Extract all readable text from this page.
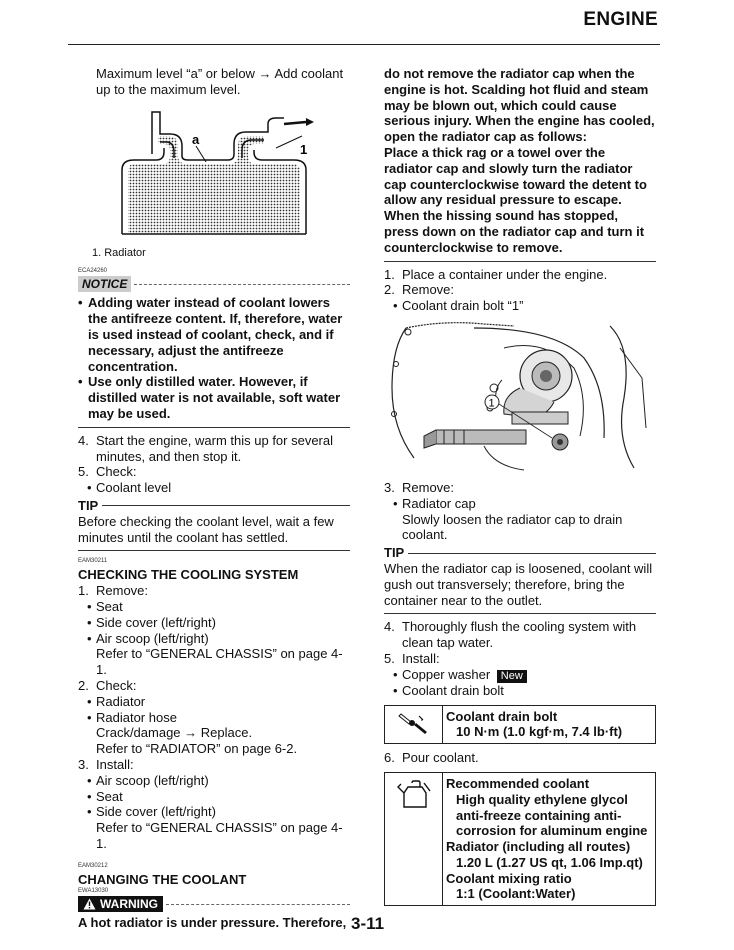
ENGINE

Maximum level “a” or below → Add coolant up to the maximum level.

a
1

1. Radiator

ECA24260
NOTICE

• Adding water instead of coolant lowers the antifreeze content. If, therefore, water is used instead of coolant, check, and if necessary, adjust the antifreeze concentration.

• Use only distilled water. However, if distilled water is not available, soft water may be used.

4. Start the engine, warm this up for several minutes, and then stop it.

5. Check:

• Coolant level

TIP

Before checking the coolant level, wait a few minutes until the coolant has settled.

EAM30211

CHECKING THE COOLING SYSTEM

1. Remove:

• Seat

• Side cover (left/right)

• Air scoop (left/right)

Refer to “GENERAL CHASSIS” on page 4-1.

2. Check:

• Radiator

• Radiator hose

Crack/damage → Replace.

Refer to “RADIATOR” on page 6-2.

3. Install:

• Air scoop (left/right)

• Seat

• Side cover (left/right)

Refer to “GENERAL CHASSIS” on page 4-1.

EAM30212

CHANGING THE COOLANT

EWA13030
WARNING

A hot radiator is under pressure. Therefore,

do not remove the radiator cap when the engine is hot. Scalding hot fluid and steam may be blown out, which could cause serious injury. When the engine has cooled, open the radiator cap as follows:

Place a thick rag or a towel over the radiator cap and slowly turn the radiator cap counterclockwise toward the detent to allow any residual pressure to escape. When the hissing sound has stopped, press down on the radiator cap and turn it counterclockwise to remove.

1. Place a container under the engine.

2. Remove:

• Coolant drain bolt “1”

1

3. Remove:

• Radiator cap

Slowly loosen the radiator cap to drain coolant.

TIP

When the radiator cap is loosened, coolant will gush out transversely; therefore, bring the container near to the outlet.

4. Thoroughly flush the cooling system with clean tap water.

5. Install:

• Copper washer New

• Coolant drain bolt

Coolant drain bolt

10 N·m (1.0 kgf·m, 7.4 lb·ft)

6. Pour coolant.

Recommended coolant

High quality ethylene glycol anti-freeze containing anti-corrosion for aluminum engine

Radiator (including all routes)

1.20 L (1.27 US qt, 1.06 Imp.qt)

Coolant mixing ratio

1:1 (Coolant:Water)

3-11
